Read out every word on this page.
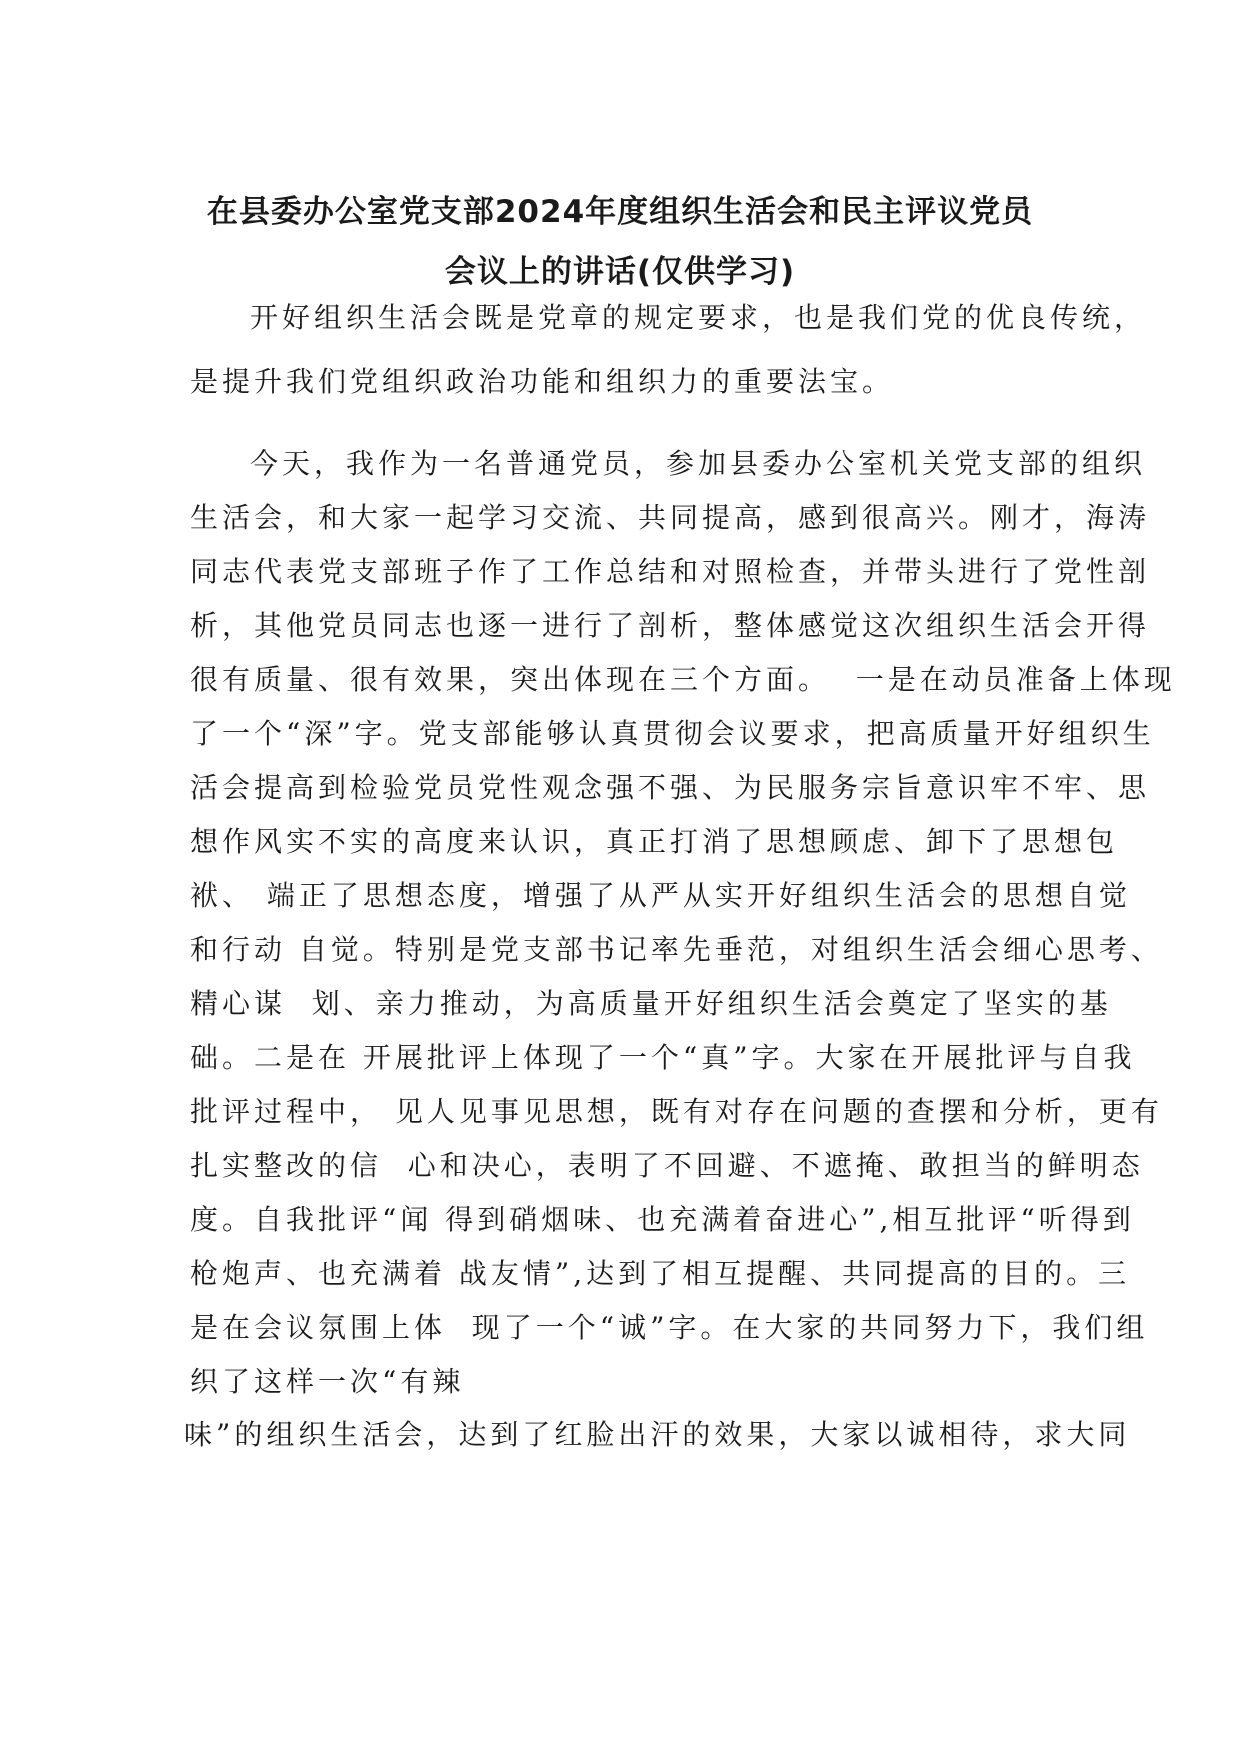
在县委办公室党支部2024年度组织生活会和民主评议党员
会议上的讲话(仅供学习)
开好组织生活会既是党章的规定要求，也是我们党的优良传统，
是提升我们党组织政治功能和组织力的重要法宝。
今天，我作为一名普通党员，参加县委办公室机关党支部的组织
生活会，和大家一起学习交流、共同提高，感到很高兴。刚才，海涛
同志代表党支部班子作了工作总结和对照检查，并带头进行了党性剖
析，其他党员同志也逐一进行了剖析，整体感觉这次组织生活会开得
很有质量、很有效果，突出体现在三个方面。  一是在动员准备上体现
了一个“深”字。党支部能够认真贯彻会议要求，把高质量开好组织生
活会提高到检验党员党性观念强不强、为民服务宗旨意识牢不牢、思
想作风实不实的高度来认识，真正打消了思想顾虑、卸下了思想包
袱、 端正了思想态度，增强了从严从实开好组织生活会的思想自觉
和行动 自觉。特别是党支部书记率先垂范，对组织生活会细心思考、
精心谋  划、亲力推动，为高质量开好组织生活会奠定了坚实的基
础。二是在 开展批评上体现了一个“真”字。大家在开展批评与自我
批评过程中， 见人见事见思想，既有对存在问题的查摆和分析，更有
扎实整改的信  心和决心，表明了不回避、不遮掩、敢担当的鲜明态
度。自我批评“闻 得到硝烟味、也充满着奋进心”,相互批评“听得到
枪炮声、也充满着 战友情”,达到了相互提醒、共同提高的目的。三
是在会议氛围上体  现了一个“诚”字。在大家的共同努力下，我们组
织了这样一次“有辣
味”的组织生活会，达到了红脸出汗的效果，大家以诚相待，求大同
